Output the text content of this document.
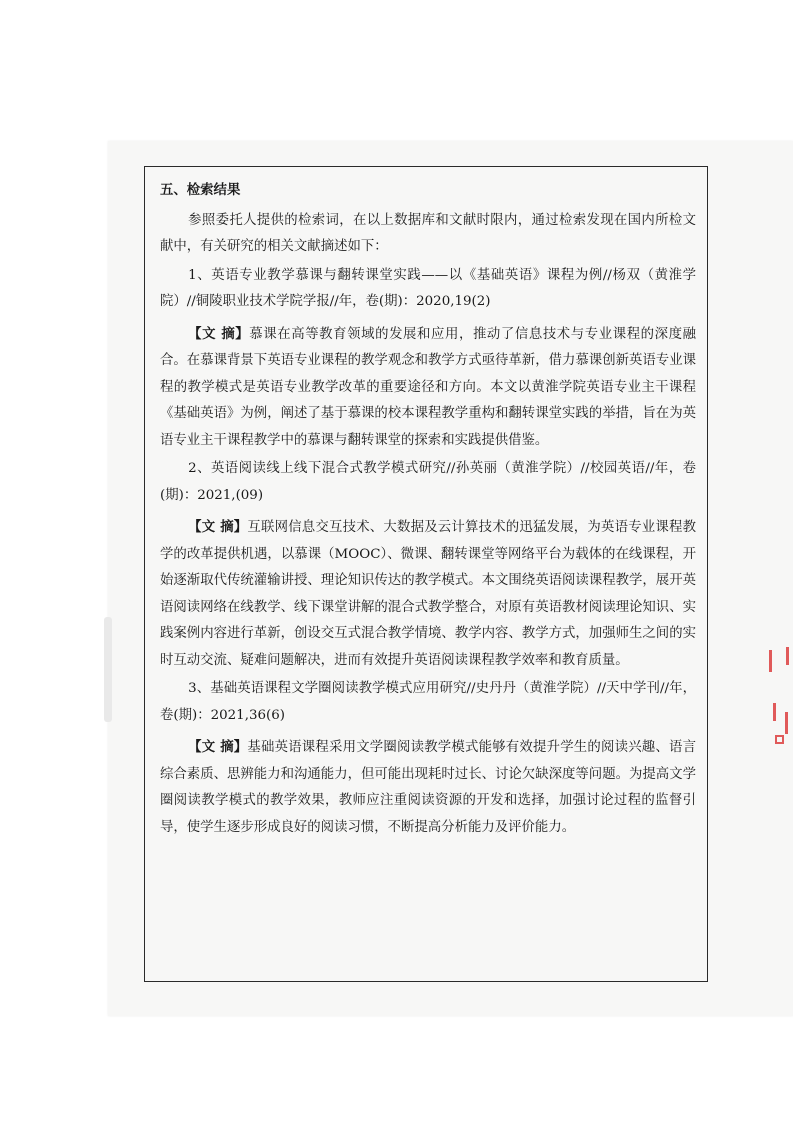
五、检索结果

参照委托人提供的检索词，在以上数据库和文献时限内，通过检索发现在国内所检文献中，有关研究的相关文献摘述如下：

1、英语专业教学慕课与翻转课堂实践——以《基础英语》课程为例//杨双（黄淮学院）//铜陵职业技术学院学报//年，卷(期)：2020,19(2)

【文 摘】慕课在高等教育领域的发展和应用，推动了信息技术与专业课程的深度融合。在慕课背景下英语专业课程的教学观念和教学方式亟待革新，借力慕课创新英语专业课程的教学模式是英语专业教学改革的重要途径和方向。本文以黄淮学院英语专业主干课程《基础英语》为例，阐述了基于慕课的校本课程教学重构和翻转课堂实践的举措，旨在为英语专业主干课程教学中的慕课与翻转课堂的探索和实践提供借鉴。

2、英语阅读线上线下混合式教学模式研究//孙英丽（黄淮学院）//校园英语//年，卷(期)：2021,(09)

【文 摘】互联网信息交互技术、大数据及云计算技术的迅猛发展，为英语专业课程教学的改革提供机遇，以慕课（MOOC）、微课、翻转课堂等网络平台为载体的在线课程，开始逐渐取代传统灌输讲授、理论知识传达的教学模式。本文围绕英语阅读课程教学，展开英语阅读网络在线教学、线下课堂讲解的混合式教学整合，对原有英语教材阅读理论知识、实践案例内容进行革新，创设交互式混合教学情境、教学内容、教学方式，加强师生之间的实时互动交流、疑难问题解决，进而有效提升英语阅读课程教学效率和教育质量。

3、基础英语课程文学圈阅读教学模式应用研究//史丹丹（黄淮学院）//天中学刊//年，卷(期)：2021,36(6)

【文 摘】基础英语课程采用文学圈阅读教学模式能够有效提升学生的阅读兴趣、语言综合素质、思辨能力和沟通能力，但可能出现耗时过长、讨论欠缺深度等问题。为提高文学圈阅读教学模式的教学效果，教师应注重阅读资源的开发和选择，加强讨论过程的监督引导，使学生逐步形成良好的阅读习惯，不断提高分析能力及评价能力。
